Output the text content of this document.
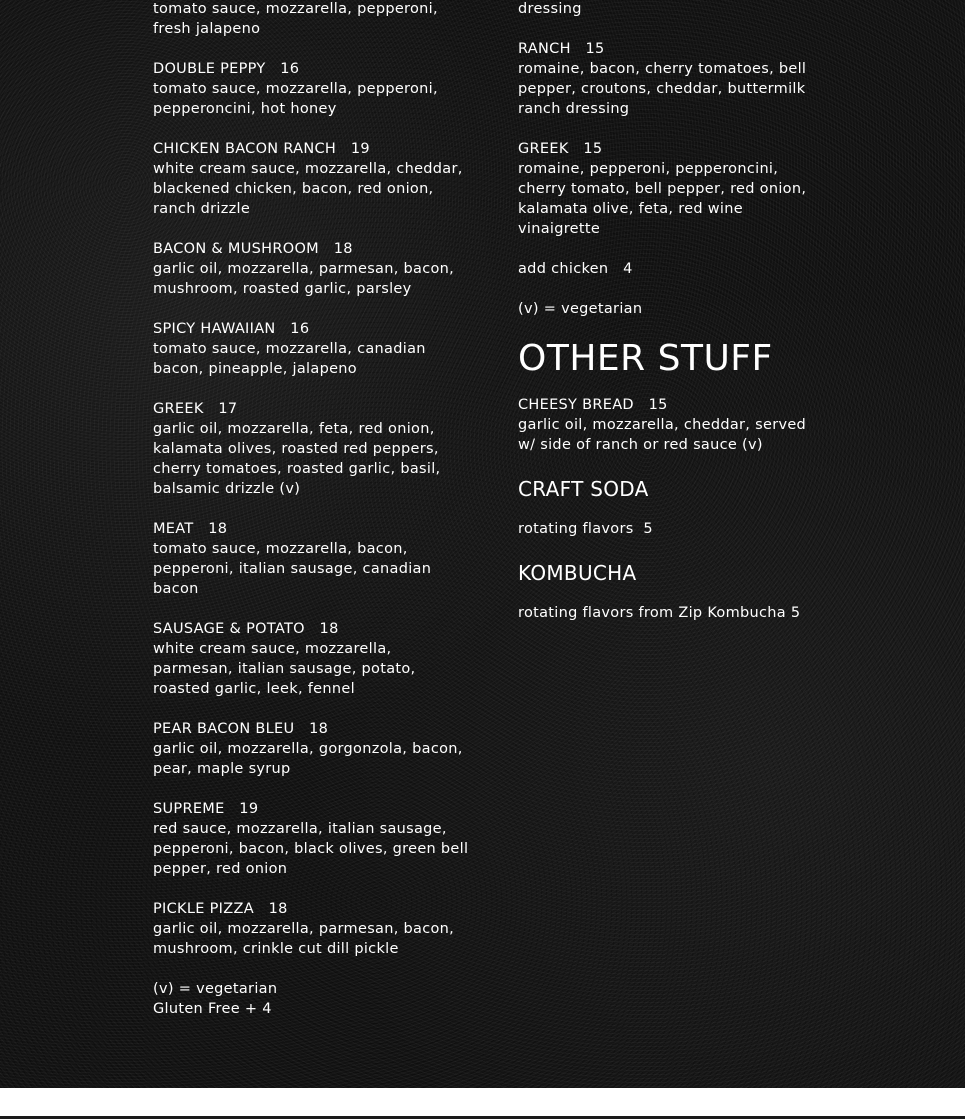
tomato sauce, mozzarella, pepperoni, fresh jalapeno
DOUBLE PEPPY   16
tomato sauce, mozzarella, pepperoni, pepperoncini, hot honey
CHICKEN BACON RANCH   19
white cream sauce, mozzarella, cheddar, blackened chicken, bacon, red onion, ranch drizzle
BACON & MUSHROOM   18
garlic oil, mozzarella, parmesan, bacon, mushroom, roasted garlic, parsley
SPICY HAWAIIAN   16
tomato sauce, mozzarella, canadian bacon, pineapple, jalapeno
GREEK   17
garlic oil, mozzarella, feta, red onion, kalamata olives, roasted red peppers, cherry tomatoes, roasted garlic, basil, balsamic drizzle (v)
MEAT   18
tomato sauce, mozzarella, bacon, pepperoni, italian sausage, canadian bacon
SAUSAGE & POTATO   18
white cream sauce, mozzarella, parmesan, italian sausage, potato, roasted garlic, leek, fennel
PEAR BACON BLEU   18
garlic oil, mozzarella, gorgonzola, bacon, pear, maple syrup
SUPREME   19
red sauce, mozzarella, italian sausage, pepperoni, bacon, black olives, green bell pepper, red onion
PICKLE PIZZA   18
garlic oil, mozzarella, parmesan, bacon, mushroom, crinkle cut dill pickle
(v) = vegetarian
Gluten Free + 4
dressing
RANCH   15
romaine, bacon, cherry tomatoes, bell pepper, croutons, cheddar, buttermilk ranch dressing
GREEK   15
romaine, pepperoni, pepperoncini, cherry tomato, bell pepper, red onion, kalamata olive, feta, red wine vinaigrette
add chicken   4
(v) = vegetarian
OTHER STUFF
CHEESY BREAD   15
garlic oil, mozzarella, cheddar, served w/ side of ranch or red sauce (v)
CRAFT SODA
rotating flavors  5
KOMBUCHA
rotating flavors from Zip Kombucha 5
